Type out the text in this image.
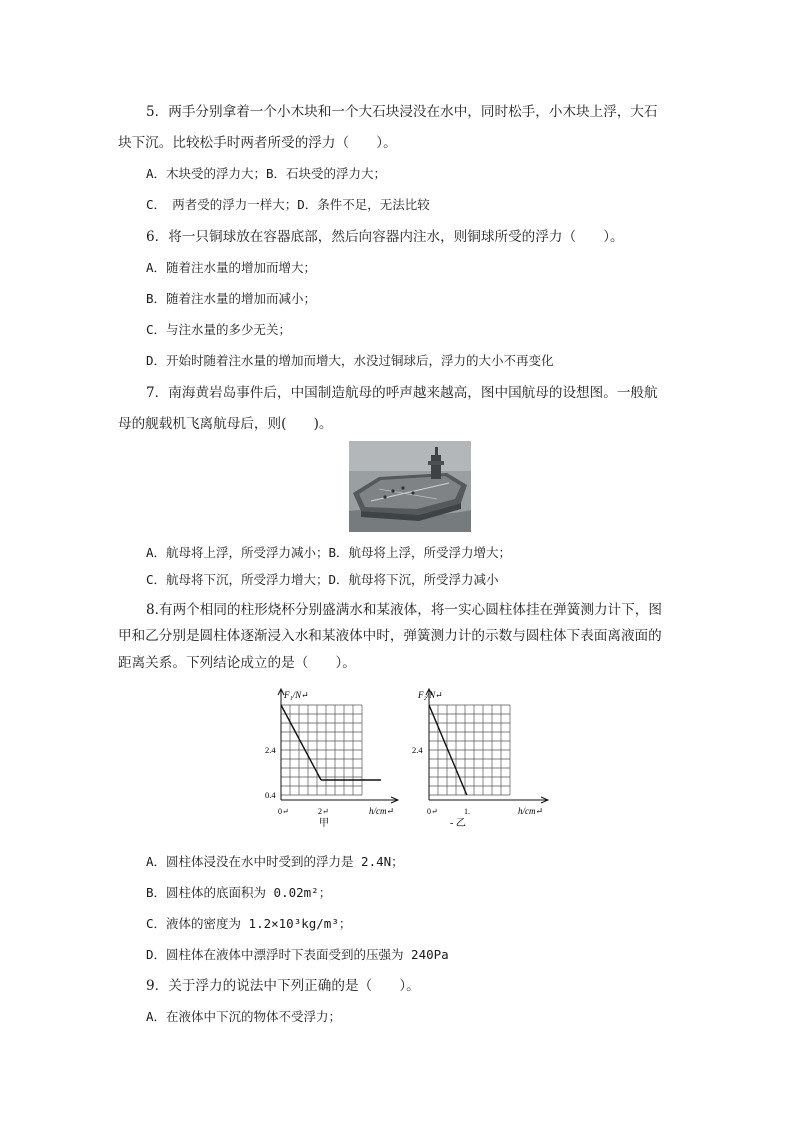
5．两手分别拿着一个小木块和一个大石块浸没在水中，同时松手，小木块上浮，大石
块下沉。比较松手时两者所受的浮力（　　）。
A．木块受的浮力大；B．石块受的浮力大；
C．　两者受的浮力一样大；D．条件不足，无法比较
6．将一只铜球放在容器底部，然后向容器内注水，则铜球所受的浮力（　　）。
A．随着注水量的增加而增大；
B．随着注水量的增加而减小；
C．与注水量的多少无关；
D．开始时随着注水量的增加而增大，水没过铜球后，浮力的大小不再变化
7．南海黄岩岛事件后，中国制造航母的呼声越来越高，图中国航母的设想图。一般航
母的舰载机飞离航母后，则(　　)。
A．航母将上浮，所受浮力减小；B．航母将上浮，所受浮力增大；
C．航母将下沉，所受浮力增大；D．航母将下沉，所受浮力减小
8.有两个相同的柱形烧杯分别盛满水和某液体，将一实心圆柱体挂在弹簧测力计下，图
甲和乙分别是圆柱体逐渐浸入水和某液体中时，弹簧测力计的示数与圆柱体下表面离液面的
距离关系。下列结论成立的是（　　）。
F₁/N↵
h/cm↵
2.4
0.4
0↵	2↵
甲
F₂/N↵
h/cm↵
2.4
0↵	1.
- 乙
A．圆柱体浸没在水中时受到的浮力是 2.4N；
B．圆柱体的底面积为 0.02m²；
C．液体的密度为 1.2×10³kg/m³；
D．圆柱体在液体中漂浮时下表面受到的压强为 240Pa
9．关于浮力的说法中下列正确的是（　　）。
A．在液体中下沉的物体不受浮力；
